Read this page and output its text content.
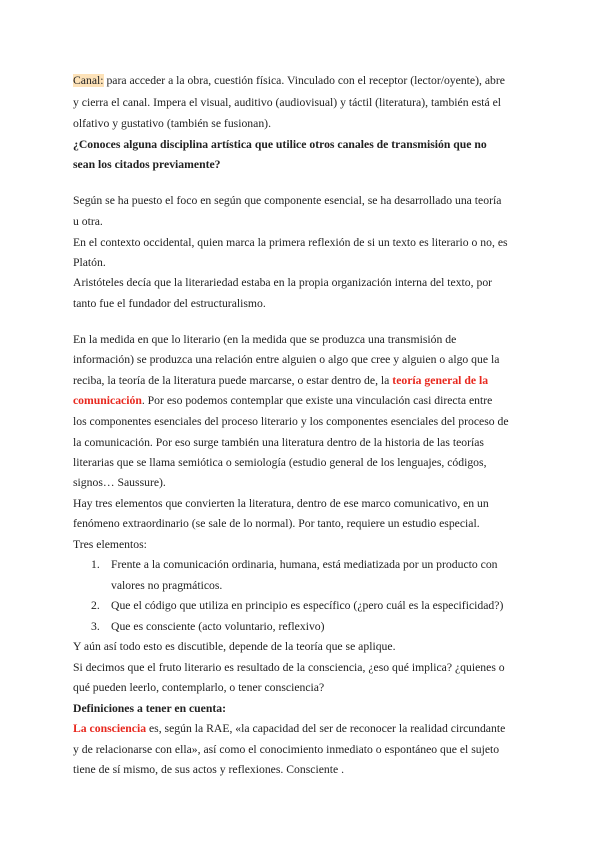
Canal: para acceder a la obra, cuestión física. Vinculado con el receptor (lector/oyente), abre
y cierra el canal. Impera el visual, auditivo (audiovisual) y táctil (literatura), también está el
olfativo y gustativo (también se fusionan).
¿Conoces alguna disciplina artística que utilice otros canales de transmisión que no
sean los citados previamente?
Según se ha puesto el foco en según que componente esencial, se ha desarrollado una teoría
u otra.
En el contexto occidental, quien marca la primera reflexión de si un texto es literario o no, es
Platón.
Aristóteles decía que la literariedad estaba en la propia organización interna del texto, por
tanto fue el fundador del estructuralismo.
En la medida en que lo literario (en la medida que se produzca una transmisión de
información) se produzca una relación entre alguien o algo que cree y alguien o algo que la
reciba, la teoría de la literatura puede marcarse, o estar dentro de, la teoría general de la
comunicación. Por eso podemos contemplar que existe una vinculación casi directa entre
los componentes esenciales del proceso literario y los componentes esenciales del proceso de
la comunicación. Por eso surge también una literatura dentro de la historia de las teorías
literarias que se llama semiótica o semiología (estudio general de los lenguajes, códigos,
signos… Saussure).
Hay tres elementos que convierten la literatura, dentro de ese marco comunicativo, en un
fenómeno extraordinario (se sale de lo normal). Por tanto, requiere un estudio especial.
Tres elementos:
1. Frente a la comunicación ordinaria, humana, está mediatizada por un producto con
valores no pragmáticos.
2. Que el código que utiliza en principio es específico (¿pero cuál es la especificidad?)
3. Que es consciente (acto voluntario, reflexivo)
Y aún así todo esto es discutible, depende de la teoría que se aplique.
Si decimos que el fruto literario es resultado de la consciencia, ¿eso qué implica? ¿quienes o
qué pueden leerlo, contemplarlo, o tener consciencia?
Definiciones a tener en cuenta:
La consciencia es, según la RAE, «la capacidad del ser de reconocer la realidad circundante
y de relacionarse con ella», así como el conocimiento inmediato o espontáneo que el sujeto
tiene de sí mismo, de sus actos y reflexiones. Consciente .
